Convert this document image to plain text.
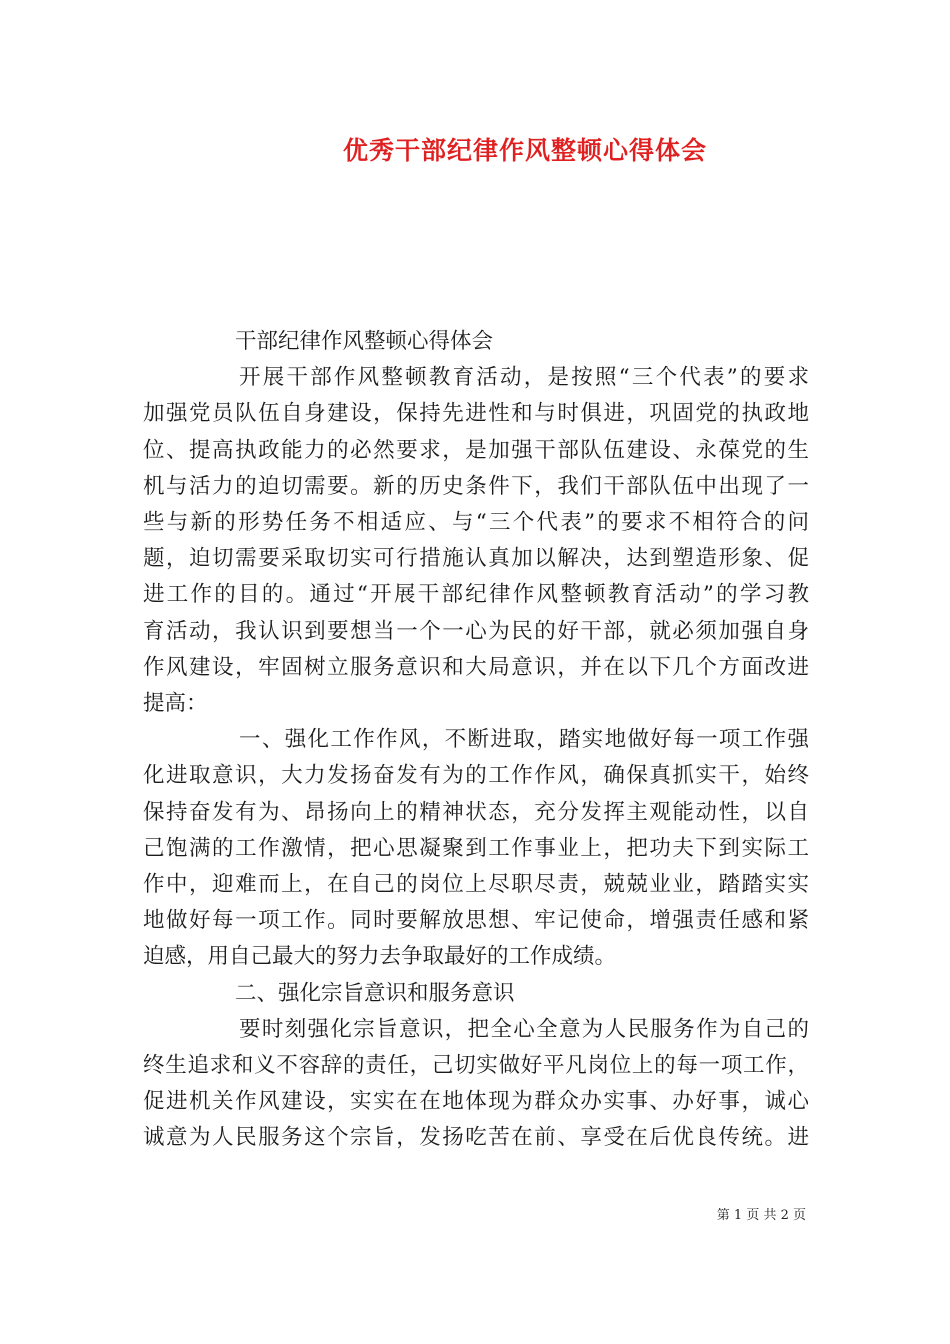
优秀干部纪律作风整顿心得体会
干部纪律作风整顿心得体会
开展干部作风整顿教育活动，是按照“三个代表”的要求
加强党员队伍自身建设，保持先进性和与时俱进，巩固党的执政地
位、提高执政能力的必然要求，是加强干部队伍建设、永葆党的生
机与活力的迫切需要。新的历史条件下，我们干部队伍中出现了一
些与新的形势任务不相适应、与“三个代表”的要求不相符合的问
题，迫切需要采取切实可行措施认真加以解决，达到塑造形象、促
进工作的目的。通过“开展干部纪律作风整顿教育活动”的学习教
育活动，我认识到要想当一个一心为民的好干部，就必须加强自身
作风建设，牢固树立服务意识和大局意识，并在以下几个方面改进
提高：
一、强化工作作风，不断进取，踏实地做好每一项工作强
化进取意识，大力发扬奋发有为的工作作风，确保真抓实干，始终
保持奋发有为、昂扬向上的精神状态，充分发挥主观能动性，以自
己饱满的工作激情，把心思凝聚到工作事业上，把功夫下到实际工
作中，迎难而上，在自己的岗位上尽职尽责，兢兢业业，踏踏实实
地做好每一项工作。同时要解放思想、牢记使命，增强责任感和紧
迫感，用自己最大的努力去争取最好的工作成绩。
二、强化宗旨意识和服务意识
要时刻强化宗旨意识，把全心全意为人民服务作为自己的
终生追求和义不容辞的责任，己切实做好平凡岗位上的每一项工作，
促进机关作风建设，实实在在地体现为群众办实事、办好事，诚心
诚意为人民服务这个宗旨，发扬吃苦在前、享受在后优良传统。进
第 1 页 共 2 页
